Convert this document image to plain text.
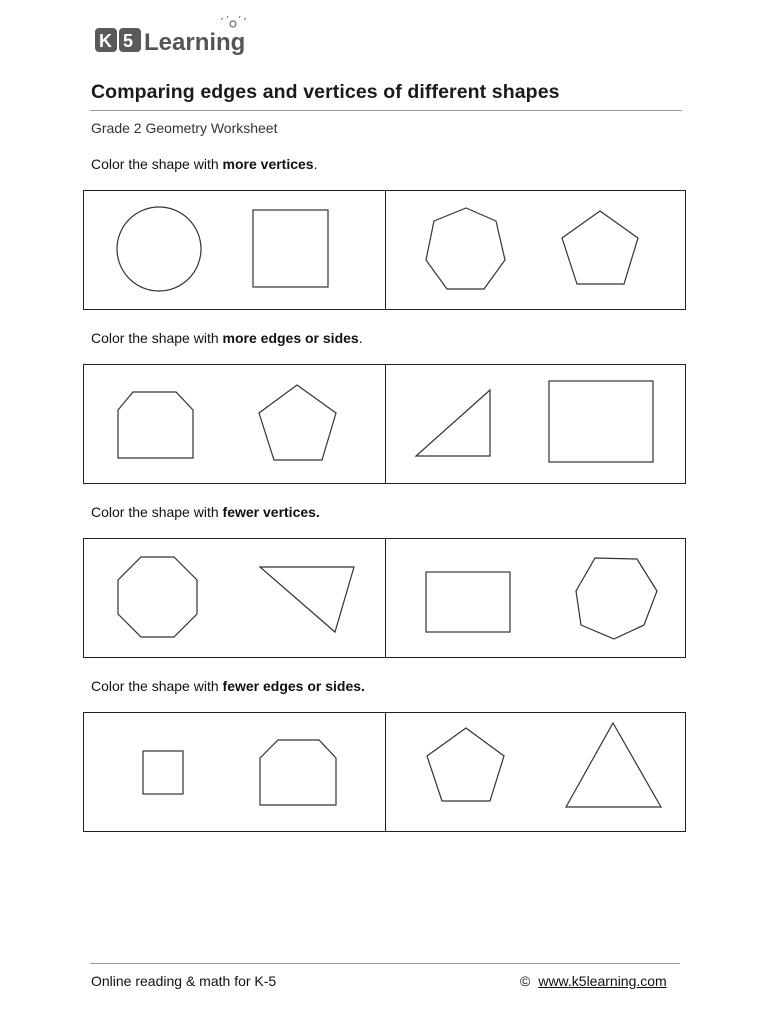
K 5 Learning
Comparing edges and vertices of different shapes
Grade 2 Geometry Worksheet
Color the shape with more vertices.
Color the shape with more edges or sides.
Color the shape with fewer vertices.
Color the shape with fewer edges or sides.
Online reading & math for K-5	© www.k5learning.com
